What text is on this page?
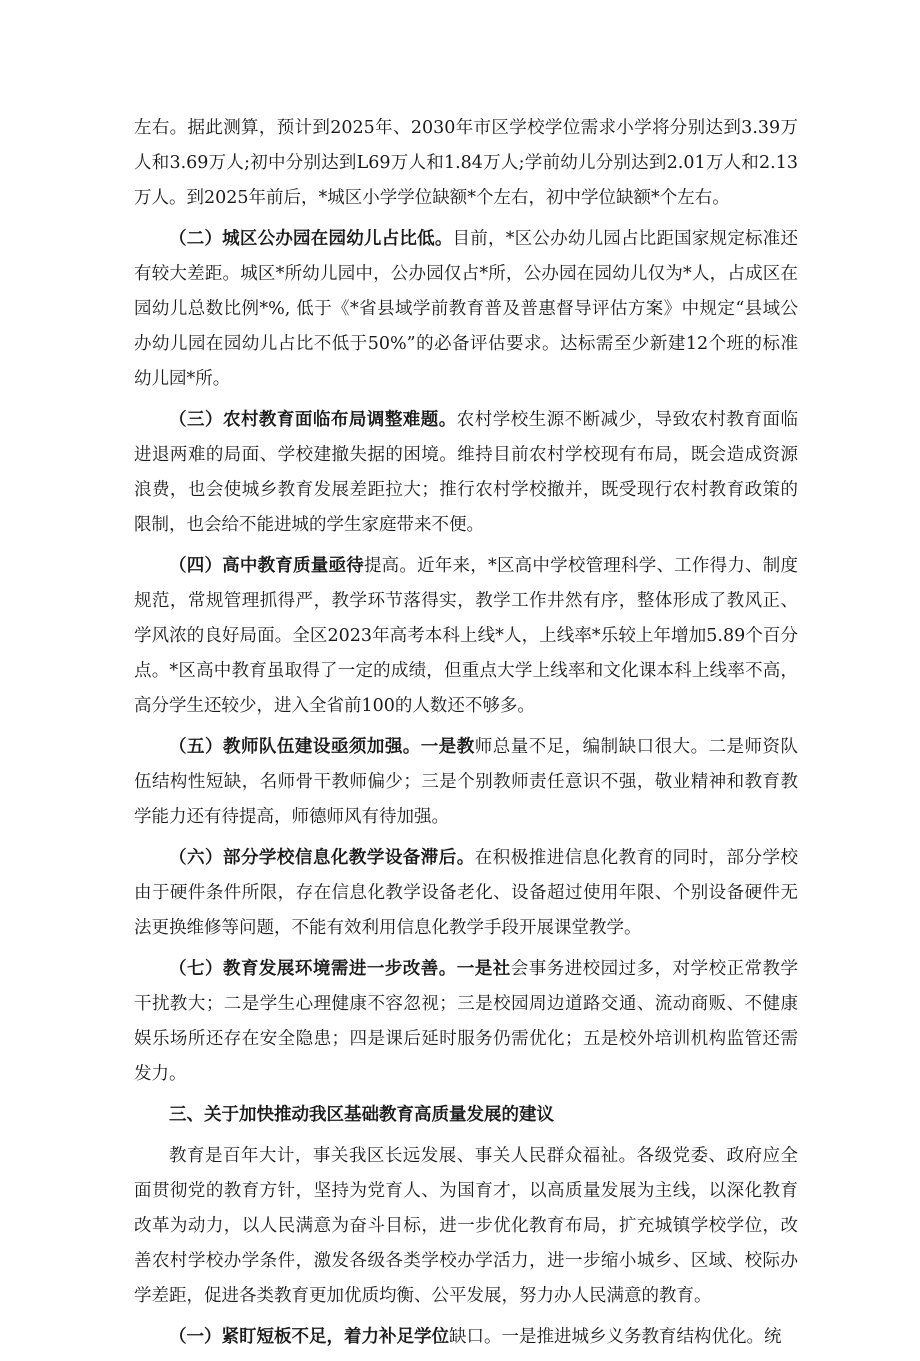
左右。据此测算，预计到2025年、2030年市区学校学位需求小学将分别达到3.39万人和3.69万人;初中分别达到L69万人和1.84万人;学前幼儿分别达到2.01万人和2.13万人。到2025年前后，*城区小学学位缺额*个左右，初中学位缺额*个左右。

（二）城区公办园在园幼儿占比低。目前，*区公办幼儿园占比距国家规定标准还有较大差距。城区*所幼儿园中，公办园仅占*所，公办园在园幼儿仅为*人，占成区在园幼儿总数比例*%, 低于《*省县域学前教育普及普惠督导评估方案》中规定“县域公办幼儿园在园幼儿占比不低于50%”的必备评估要求。达标需至少新建12个班的标准幼儿园*所。

（三）农村教育面临布局调整难题。农村学校生源不断减少，导致农村教育面临进退两难的局面、学校建撤失据的困境。维持目前农村学校现有布局，既会造成资源浪费，也会使城乡教育发展差距拉大；推行农村学校撤并，既受现行农村教育政策的限制，也会给不能进城的学生家庭带来不便。

（四）高中教育质量亟待提高。近年来，*区高中学校管理科学、工作得力、制度规范，常规管理抓得严，教学环节落得实，教学工作井然有序，整体形成了教风正、学风浓的良好局面。全区2023年高考本科上线*人，上线率*乐较上年增加5.89个百分点。*区高中教育虽取得了一定的成绩，但重点大学上线率和文化课本科上线率不高，高分学生还较少，进入全省前100的人数还不够多。

（五）教师队伍建设亟须加强。一是教师总量不足，编制缺口很大。二是师资队伍结构性短缺，名师骨干教师偏少；三是个别教师责任意识不强，敬业精神和教育教学能力还有待提高，师德师风有待加强。

（六）部分学校信息化教学设备滞后。在积极推进信息化教育的同时，部分学校由于硬件条件所限，存在信息化教学设备老化、设备超过使用年限、个别设备硬件无法更换维修等问题，不能有效利用信息化教学手段开展课堂教学。

（七）教育发展环境需进一步改善。一是社会事务进校园过多，对学校正常教学干扰教大；二是学生心理健康不容忽视；三是校园周边道路交通、流动商贩、不健康娱乐场所还存在安全隐患；四是课后延时服务仍需优化；五是校外培训机构监管还需发力。

三、关于加快推动我区基础教育高质量发展的建议

教育是百年大计，事关我区长远发展、事关人民群众福祉。各级党委、政府应全面贯彻党的教育方针，坚持为党育人、为国育才，以高质量发展为主线，以深化教育改革为动力，以人民满意为奋斗目标，进一步优化教育布局，扩充城镇学校学位，改善农村学校办学条件，激发各级各类学校办学活力，进一步缩小城乡、区域、校际办学差距，促进各类教育更加优质均衡、公平发展，努力办人民满意的教育。

（一）紧盯短板不足，着力补足学位缺口。一是推进城乡义务教育结构优化。统
